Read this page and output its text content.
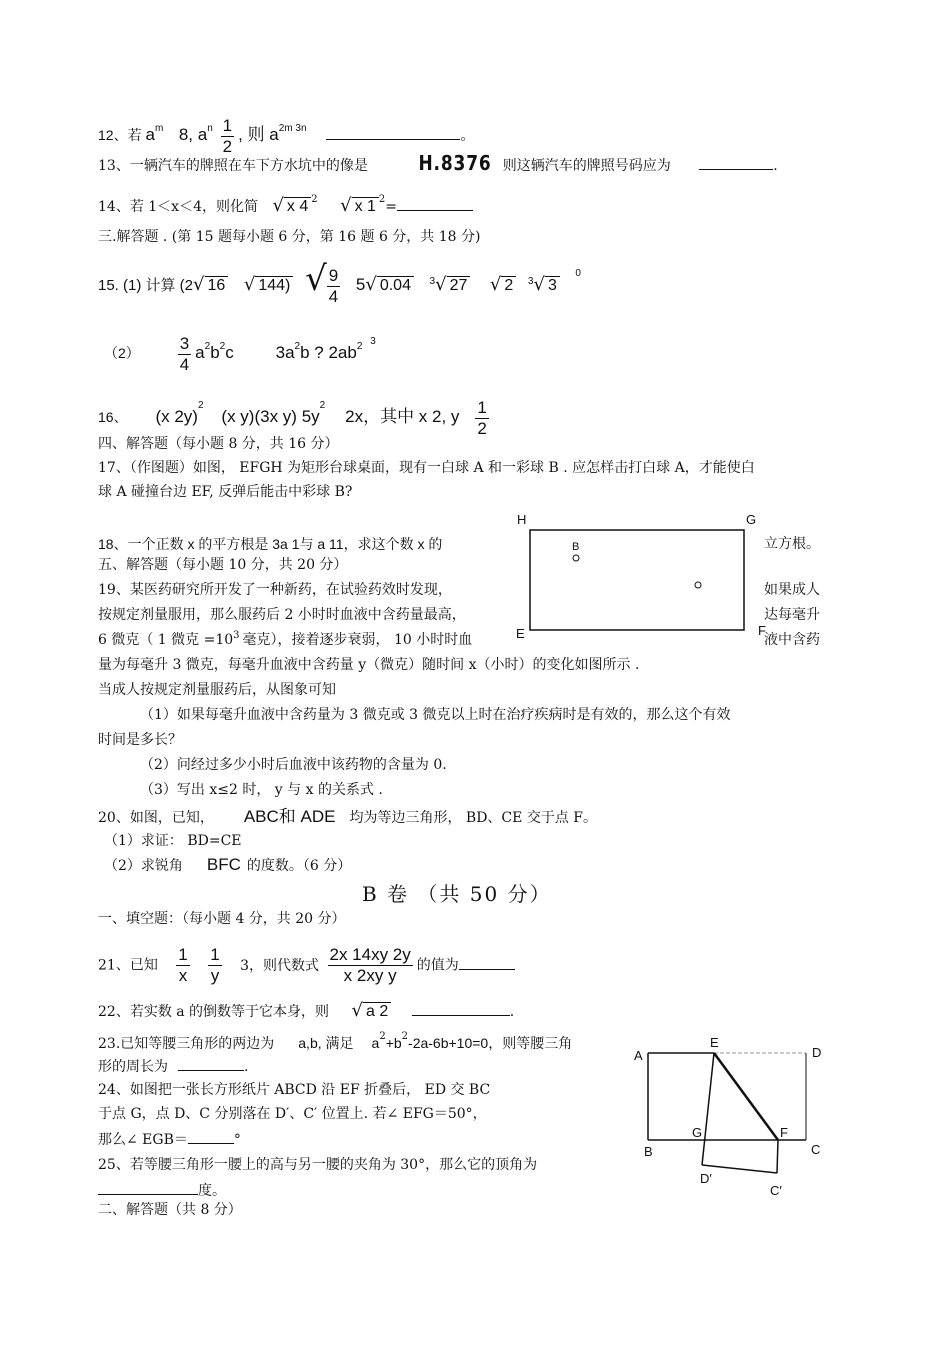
12、若 $a^m$ 8, $a^n \frac{1}{2}$ , 则 $a^{2m 3n}$	。
13、一辆汽车的牌照在车下方水坑中的像是	H.8376 则这辆汽车的牌照号码应为	.
14、若 1＜x＜4，则化简 √ x 4 $^2$ √ x 1 $^2$=
三.解答题 . (第 15 题每小题 6 分，第 16 题 6 分，共 18 分)
15. (1) 计算 (2√ 16 √ 144) √ $\frac{9}{4} 5√$ 0.04 $^3$√ 27 √ 2 $^3$√ 3    $^0$
$(2) \frac{3}{4} a^2b^2c$ $3a^2b$ ? $2ab^2$ $^3$
16、 (x 2y)$^2$ (x y)(3x y) $5y^2$ 2x，其中 x 2, y $\frac{1}{2}$
四、解答题（每小题 8 分，共 16 分）
17、（作图题）如图， EFGH 为矩形台球桌面，现有一白球 A 和一彩球 B . 应怎样击打白球 A，才能使白
球 A 碰撞台边 EF, 反弹后能击中彩球 B?
H	G
E	F
B
18、一个正数 x 的平方根是 3a 1与 a 11，求这个数 x 的	立方根。
五、解答题（每小题 10 分，共 20 分）
19、某医药研究所开发了一种新药，在试验药效时发现，	如果成人
按规定剂量服用，那么服药后 2 小时时血液中含药量最高，	达每毫升
6 微克（ 1 微克 $=10^3$ 毫克），接着逐步衰弱， 10 小时时血	液中含药
量为每毫升 3 微克，每毫升血液中含药量 y（微克）随时间 x（小时）的变化如图所示 .
当成人按规定剂量服药后，从图象可知
（1）如果每毫升血液中含药量为 3 微克或 3 微克以上时在治疗疾病时是有效的，那么这个有效
时间是多长？
（2）问经过多少小时后血液中该药物的含量为 0.
（3）写出 x≤2 时， y 与 x 的关系式 .
20、如图，已知， ABC和 ADE 均为等边三角形， BD、CE 交于点 F。
（1）求证： BD=CE
（2）求锐角 BFC 的度数。（6 分）
B 卷 （共 50 分）
一、填空题：（每小题 4 分，共 20 分）
21、已知 $\frac{1}{x}$
$\frac{1}{y} 3$，则代数式 $\frac{2x 14xy 2y}{\text{x 2xy y}}$ 的值为
22、若实数 a 的倒数等于它本身，则 √ a 2	.
23.已知等腰三角形的两边为 a,b, 满足 $a^2+b^2-2a-6b+10=0$，则等腰三角
形的周长为	.
24、如图把一张长方形纸片 ABCD 沿 EF 折叠后， ED 交 BC
于点 G，点 D、C 分别落在 D′、C′ 位置上. 若∠ EFG＝50°，
那么∠ EGB＝	°
25、若等腰三角形一腰上的高与另一腰的夹角为 30°，那么它的顶角为
度。
二、解答题（共 8 分）
A
E
D
G	F
B	C
D′
C′
